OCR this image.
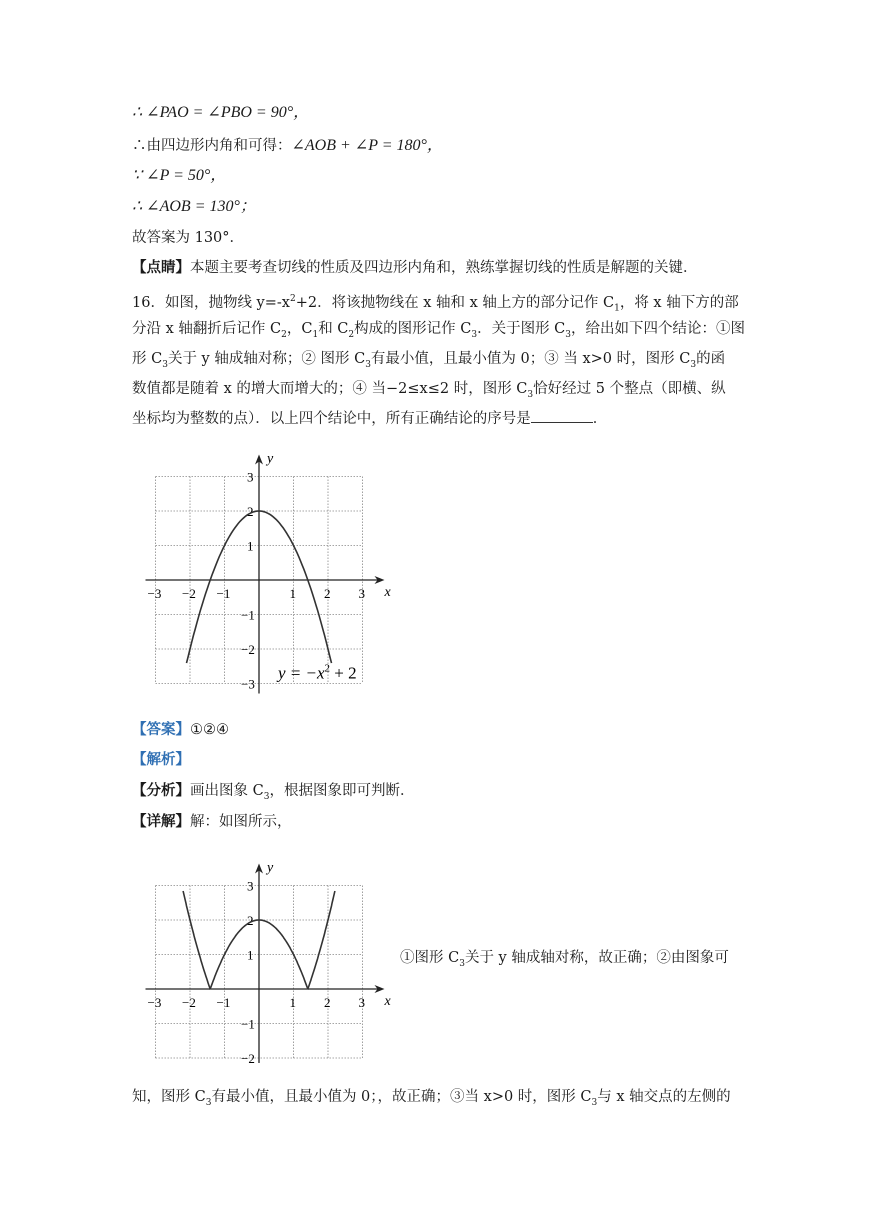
∴ ∠PAO = ∠PBO = 90°，
∴由四边形内角和可得：∠AOB + ∠P = 180°，
∵ ∠P = 50°，
∴ ∠AOB = 130°；
故答案为 130°．
【点睛】本题主要考查切线的性质及四边形内角和，熟练掌握切线的性质是解题的关键．
16．如图，抛物线 $y=-x^2+2$．将该抛物线在 x 轴和 x 轴上方的部分记作 $C_1$，将 x 轴下方的部
分沿 x 轴翻折后记作 $C_2$，$C_1$和 $C_2$构成的图形记作 $C_3$．关于图形 $C_3$，给出如下四个结论：①图
形 $C_3$关于 y 轴成轴对称；② 图形 $C_3$有最小值，且最小值为 0；③ 当 x>0 时，图形 $C_3$的函
数值都是随着 x 的增大而增大的；④ 当−2≤x≤2 时，图形 $C_3$恰好经过 5 个整点（即横、纵
坐标均为整数的点）．以上四个结论中，所有正确结论的序号是	．
x
y
−3 −2 −1	1 2 3
3
2
1
−1
−2
−3
$y = -x^2 + 2$
【答案】①②④
【解析】
【分析】画出图象 $C_3$，根据图象即可判断．
【详解】解：如图所示，
x
y
−3 −2 −1	1 2 3
3
2
1
−1
−2
①图形 $C_3$关于 y 轴成轴对称，故正确；②由图象可
知，图形 $C_3$有最小值，且最小值为 0；，故正确；③当 x>0 时，图形 $C_3$与 x 轴交点的左侧的
